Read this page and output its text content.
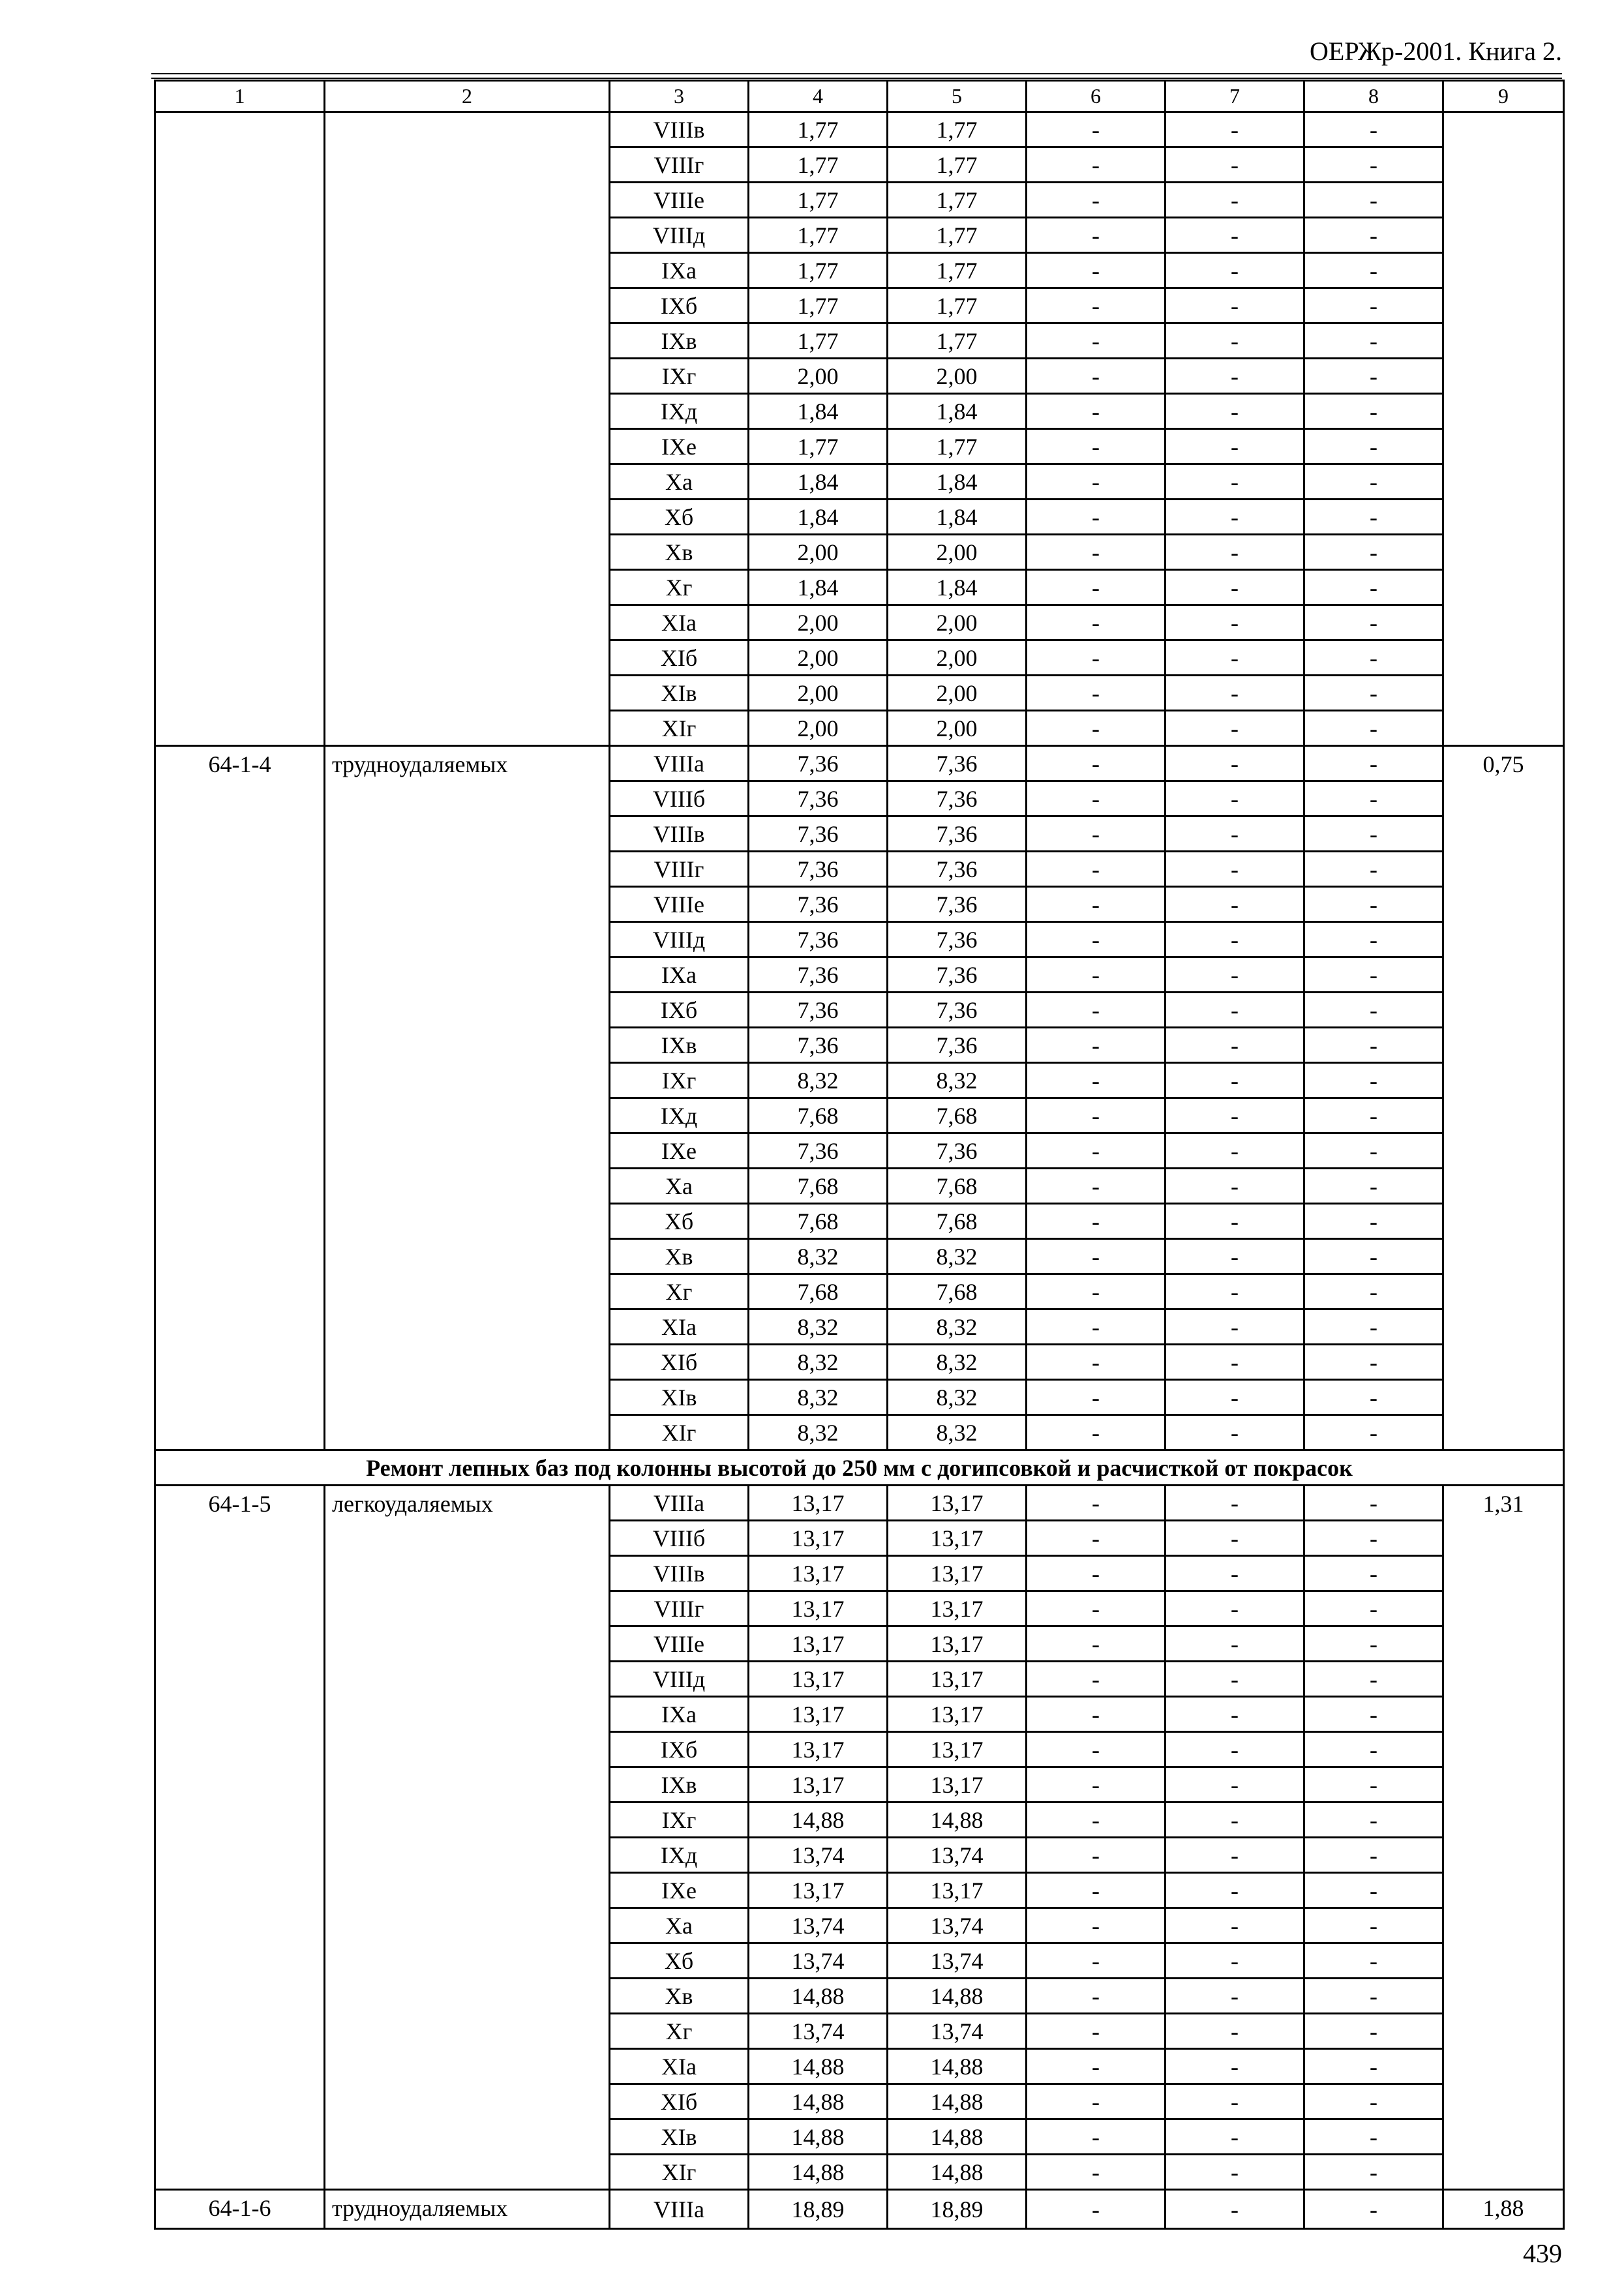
ОЕРЖр-2001. Книга 2.
1	2	3	4	5	6	7	8	9
		VIIIв	1,77	1,77	-	-	-	
		VIIIг	1,77	1,77	-	-	-	
		VIIIе	1,77	1,77	-	-	-	
		VIIIд	1,77	1,77	-	-	-	
		IXа	1,77	1,77	-	-	-	
		IXб	1,77	1,77	-	-	-	
		IXв	1,77	1,77	-	-	-	
		IXг	2,00	2,00	-	-	-	
		IXд	1,84	1,84	-	-	-	
		IXе	1,77	1,77	-	-	-	
		Xа	1,84	1,84	-	-	-	
		Xб	1,84	1,84	-	-	-	
		Xв	2,00	2,00	-	-	-	
		Xг	1,84	1,84	-	-	-	
		XIа	2,00	2,00	-	-	-	
		XIб	2,00	2,00	-	-	-	
		XIв	2,00	2,00	-	-	-	
		XIг	2,00	2,00	-	-	-	
64-1-4	трудноудаляемых	VIIIа	7,36	7,36	-	-	-	0,75
		VIIIб	7,36	7,36	-	-	-	
		VIIIв	7,36	7,36	-	-	-	
		VIIIг	7,36	7,36	-	-	-	
		VIIIе	7,36	7,36	-	-	-	
		VIIIд	7,36	7,36	-	-	-	
		IXа	7,36	7,36	-	-	-	
		IXб	7,36	7,36	-	-	-	
		IXв	7,36	7,36	-	-	-	
		IXг	8,32	8,32	-	-	-	
		IXд	7,68	7,68	-	-	-	
		IXе	7,36	7,36	-	-	-	
		Xа	7,68	7,68	-	-	-	
		Xб	7,68	7,68	-	-	-	
		Xв	8,32	8,32	-	-	-	
		Xг	7,68	7,68	-	-	-	
		XIа	8,32	8,32	-	-	-	
		XIб	8,32	8,32	-	-	-	
		XIв	8,32	8,32	-	-	-	
		XIг	8,32	8,32	-	-	-	
Ремонт лепных баз под колонны высотой до 250 мм с догипсовкой и расчисткой от покрасок								
64-1-5	легкоудаляемых	VIIIа	13,17	13,17	-	-	-	1,31
		VIIIб	13,17	13,17	-	-	-	
		VIIIв	13,17	13,17	-	-	-	
		VIIIг	13,17	13,17	-	-	-	
		VIIIе	13,17	13,17	-	-	-	
		VIIIд	13,17	13,17	-	-	-	
		IXа	13,17	13,17	-	-	-	
		IXб	13,17	13,17	-	-	-	
		IXв	13,17	13,17	-	-	-	
		IXг	14,88	14,88	-	-	-	
		IXд	13,74	13,74	-	-	-	
		IXе	13,17	13,17	-	-	-	
		Xа	13,74	13,74	-	-	-	
		Xб	13,74	13,74	-	-	-	
		Xв	14,88	14,88	-	-	-	
		Xг	13,74	13,74	-	-	-	
		XIа	14,88	14,88	-	-	-	
		XIб	14,88	14,88	-	-	-	
		XIв	14,88	14,88	-	-	-	
		XIг	14,88	14,88	-	-	-	
64-1-6	трудноудаляемых	VIIIа	18,89	18,89	-	-	-	1,88
439
